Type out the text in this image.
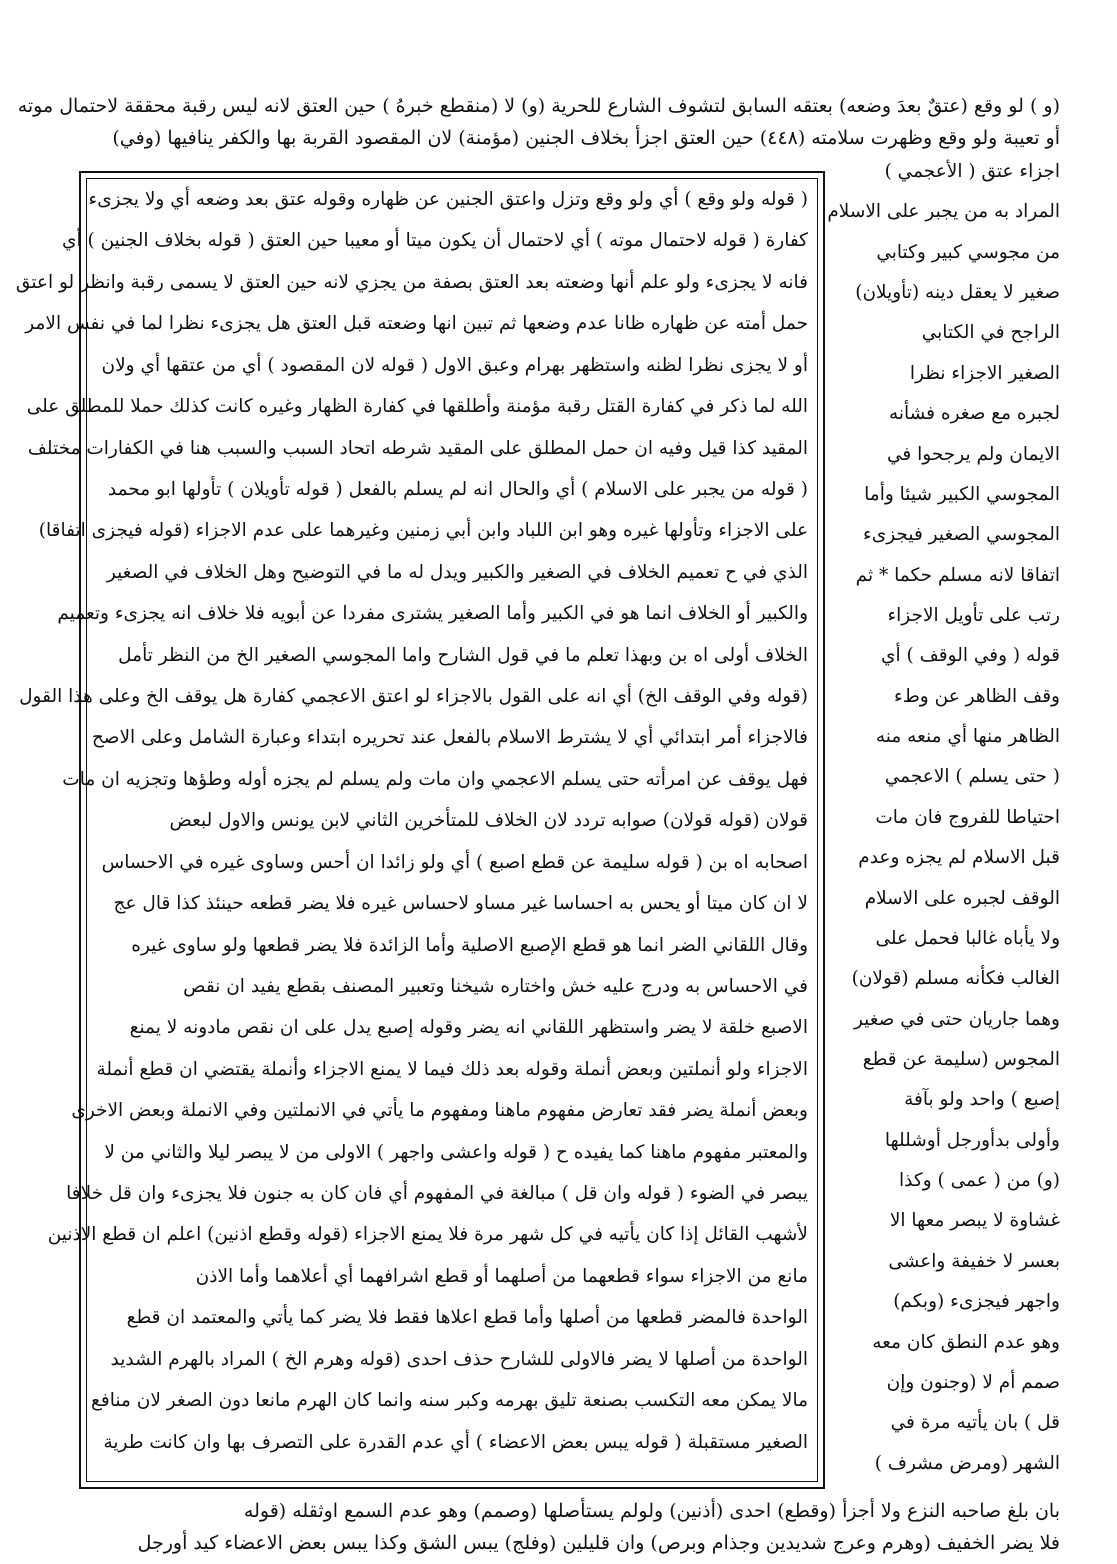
(و ) لو وقع (عتقٌ بعدَ وضعه) بعتقه السابق لتشوف الشارع للحرية (و) لا (منقطع خبرهُ ) حين العتق لانه ليس رقبة محققة لاحتمال موته
أو تعيبة ولو وقع وظهرت سلامته (٤٤٨) حين العتق اجزأ بخلاف الجنين (مؤمنة) لان المقصود القربة بها والكفر ينافيها (وفي)
( قوله ولو وقع ) أي ولو وقع وتزل واعتق الجنين عن ظهاره وقوله عتق بعد وضعه أي ولا يجزىء
كفارة ( قوله لاحتمال موته ) أي لاحتمال أن يكون ميتا أو معيبا حين العتق ( قوله بخلاف الجنين ) أي
فانه لا يجزىء ولو علم أنها وضعته بعد العتق بصفة من يجزي لانه حين العتق لا يسمى رقبة وانظر لو اعتق
حمل أمته عن ظهاره ظانا عدم وضعها ثم تبين انها وضعته قبل العتق هل يجزىء نظرا لما في نفس الامر
أو لا يجزى نظرا لظنه واستظهر بهرام وعبق الاول ( قوله لان المقصود ) أي من عتقها أي ولان
الله لما ذكر في كفارة القتل رقبة مؤمنة وأطلقها في كفارة الظهار وغيره كانت كذلك حملا للمطلق على
المقيد كذا قيل وفيه ان حمل المطلق على المقيد شرطه اتحاد السبب والسبب هنا في الكفارات مختلف
( قوله من يجبر على الاسلام ) أي والحال انه لم يسلم بالفعل ( قوله تأويلان ) تأولها ابو محمد
على الاجزاء وتأولها غيره وهو ابن اللباد وابن أبي زمنين وغيرهما على عدم الاجزاء (قوله فيجزى اتفاقا)
الذي في ح تعميم الخلاف في الصغير والكبير ويدل له ما في التوضيح وهل الخلاف في الصغير
والكبير أو الخلاف انما هو في الكبير وأما الصغير يشترى مفردا عن أبويه فلا خلاف انه يجزىء وتعميم
الخلاف أولى اه بن وبهذا تعلم ما في قول الشارح واما المجوسي الصغير الخ من النظر تأمل
(قوله وفي الوقف الخ) أي انه على القول بالاجزاء لو اعتق الاعجمي كفارة هل يوقف الخ وعلى هذا القول
فالاجزاء أمر ابتدائي أي لا يشترط الاسلام بالفعل عند تحريره ابتداء وعبارة الشامل وعلى الاصح
فهل يوقف عن امرأته حتى يسلم الاعجمي وان مات ولم يسلم لم يجزه أوله وطؤها وتجزيه ان مات
قولان (قوله قولان) صوابه تردد لان الخلاف للمتأخرين الثاني لابن يونس والاول لبعض
اصحابه اه بن ( قوله سليمة عن قطع اصبع ) أي ولو زائدا ان أحس وساوى غيره في الاحساس
لا ان كان ميتا أو يحس به احساسا غير مساو لاحساس غيره فلا يضر قطعه حينئذ كذا قال عج
وقال اللقاني الضر انما هو قطع الإصبع الاصلية وأما الزائدة فلا يضر قطعها ولو ساوى غيره
في الاحساس به ودرج عليه خش واختاره شيخنا وتعبير المصنف بقطع يفيد ان نقص
الاصبع خلقة لا يضر واستظهر اللقاني انه يضر وقوله إصبع يدل على ان نقص مادونه لا يمنع
الاجزاء ولو أنملتين وبعض أنملة وقوله بعد ذلك فيما لا يمنع الاجزاء وأنملة يقتضي ان قطع أنملة
وبعض أنملة يضر فقد تعارض مفهوم ماهنا ومفهوم ما يأتي في الانملتين وفي الانملة وبعض الاخرى
والمعتبر مفهوم ماهنا كما يفيده ح ( قوله واعشى واجهر ) الاولى من لا يبصر ليلا والثاني من لا
يبصر في الضوء ( قوله وان قل ) مبالغة في المفهوم أي فان كان به جنون فلا يجزىء وان قل خلافا
لأشهب القائل إذا كان يأتيه في كل شهر مرة فلا يمنع الاجزاء (قوله وقطع اذنين) اعلم ان قطع الاذنين
مانع من الاجزاء سواء قطعهما من أصلهما أو قطع اشرافهما أي أعلاهما وأما الاذن
الواحدة فالمضر قطعها من أصلها وأما قطع اعلاها فقط فلا يضر كما يأتي والمعتمد ان قطع
الواحدة من أصلها لا يضر فالاولى للشارح حذف احدى (قوله وهرم الخ ) المراد بالهرم الشديد
مالا يمكن معه التكسب بصنعة تليق بهرمه وكبر سنه وانما كان الهرم مانعا دون الصغر لان منافع
الصغير مستقبلة ( قوله يبس بعض الاعضاء ) أي عدم القدرة على التصرف بها وان كانت طرية
اجزاء عتق ( الأعجمي )
المراد به من يجبر على الاسلام
من مجوسي كبير وكتابي
صغير لا يعقل دينه (تأويلان)
الراجح في الكتابي
الصغير الاجزاء نظرا
لجبره مع صغره فشأنه
الايمان ولم يرجحوا في
المجوسي الكبير شيئا وأما
المجوسي الصغير فيجزىء
اتفاقا لانه مسلم حكما * ثم
رتب على تأويل الاجزاء
قوله ( وفي الوقف ) أي
وقف الظاهر عن وطء
الظاهر منها أي منعه منه
( حتى يسلم ) الاعجمي
احتياطا للفروج فان مات
قبل الاسلام لم يجزه وعدم
الوقف لجبره على الاسلام
ولا يأباه غالبا فحمل على
الغالب فكأنه مسلم (قولان)
وهما جاريان حتى في صغير
المجوس (سليمة عن قطع
إصبع ) واحد ولو بآفة
وأولى بدأورجل أوشللها
(و) من ( عمى ) وكذا
غشاوة لا يبصر معها الا
بعسر لا خفيفة واعشى
واجهر فيجزىء (وبكم)
وهو عدم النطق كان معه
صمم أم لا (وجنون وإن
قل ) بان يأتيه مرة في
الشهر (ومرض مشرف )
بان بلغ صاحبه النزع ولا أجزأ (وقطع) احدى (أذنين) ولولم يستأصلها (وصمم) وهو عدم السمع اوثقله (قوله
فلا يضر الخفيف (وهرم وعرج شديدين وجذام وبرص) وان قليلين (وفلج) يبس الشق وكذا يبس بعض الاعضاء كيد أورجل
